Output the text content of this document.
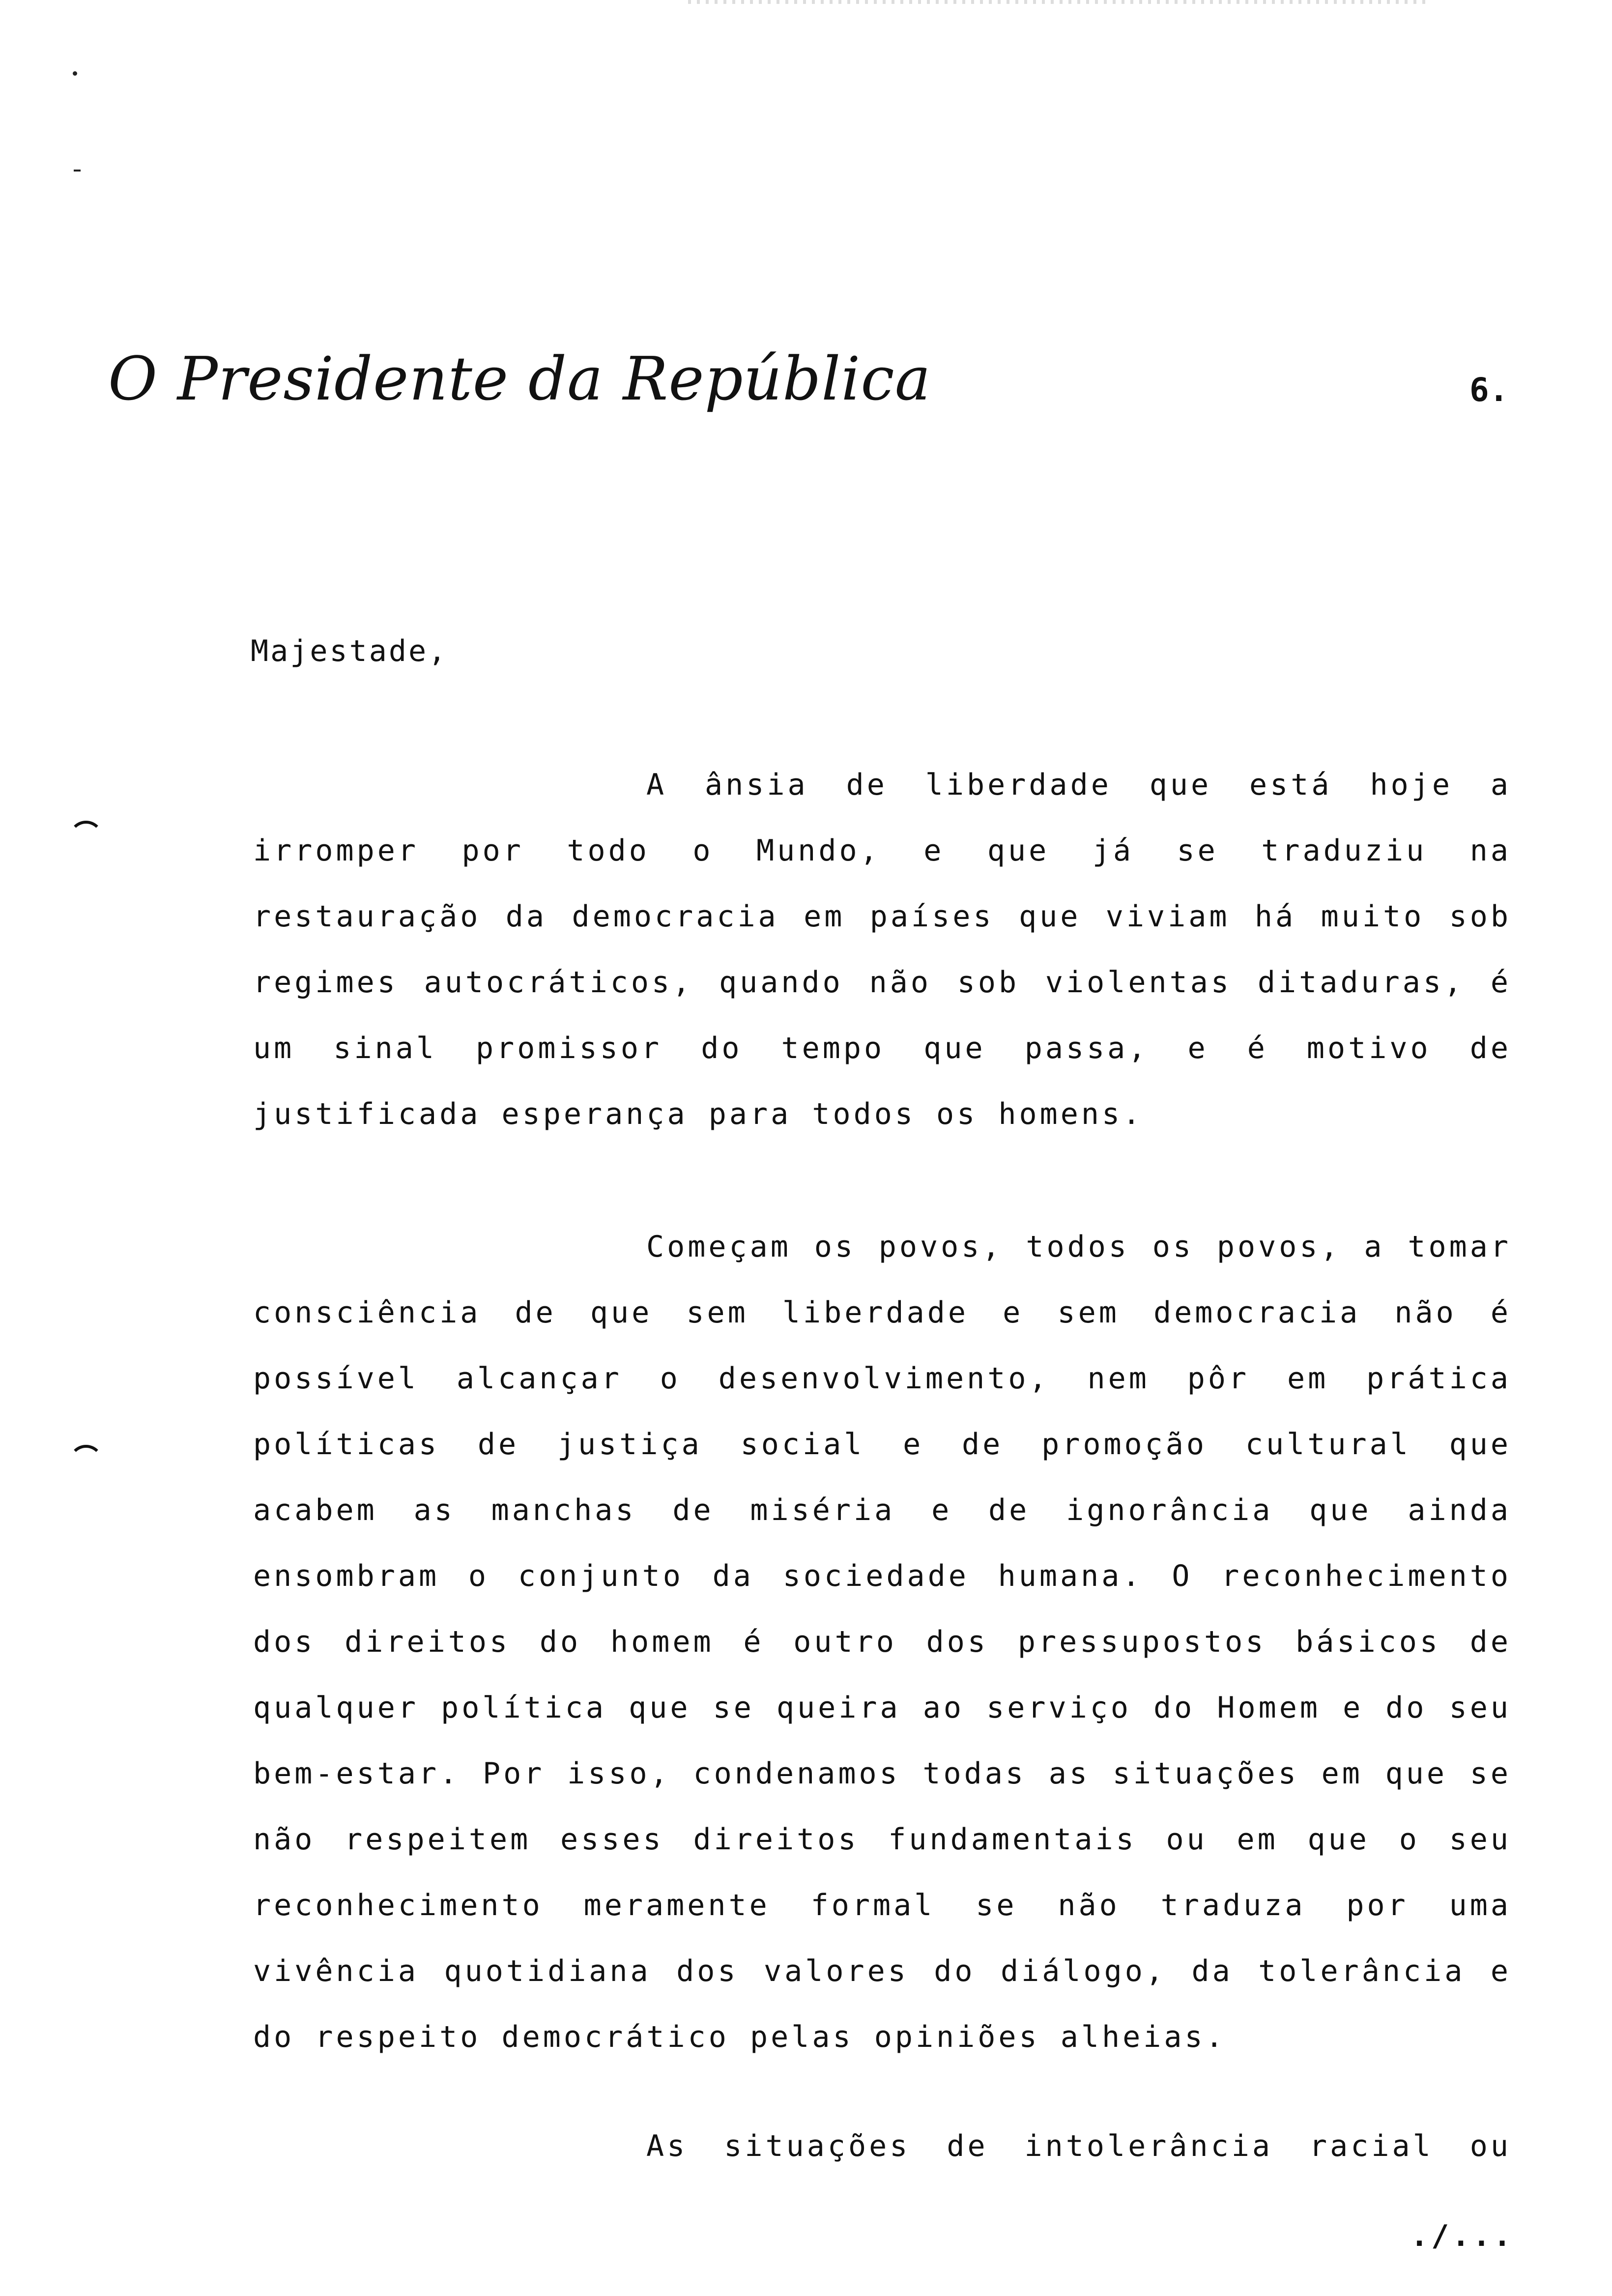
O Presidente da República	6.
Majestade,

A ânsia de liberdade que está hoje a irromper por todo o Mundo, e que já se traduziu na restauração da democracia em países que viviam há muito sob regimes autocráticos, quando não sob violentas ditaduras, é um sinal promissor do tempo que passa, e é motivo de justificada esperança para todos os homens.

Começam os povos, todos os povos, a tomar consciência de que sem liberdade e sem democracia não é possível alcançar o desenvolvimento, nem pôr em prática políticas de justiça social e de promoção cultural que acabem as manchas de miséria e de ignorância que ainda ensombram o conjunto da sociedade humana. O reconhecimento dos direitos do homem é outro dos pressupostos básicos de qualquer política que se queira ao serviço do Homem e do seu bem-estar. Por isso, condenamos todas as situações em que se não respeitem esses direitos fundamentais ou em que o seu reconhecimento meramente formal se não traduza por uma vivência quotidiana dos valores do diálogo, da tolerância e do respeito democrático pelas opiniões alheias.

As situações de intolerância racial ou

./...
